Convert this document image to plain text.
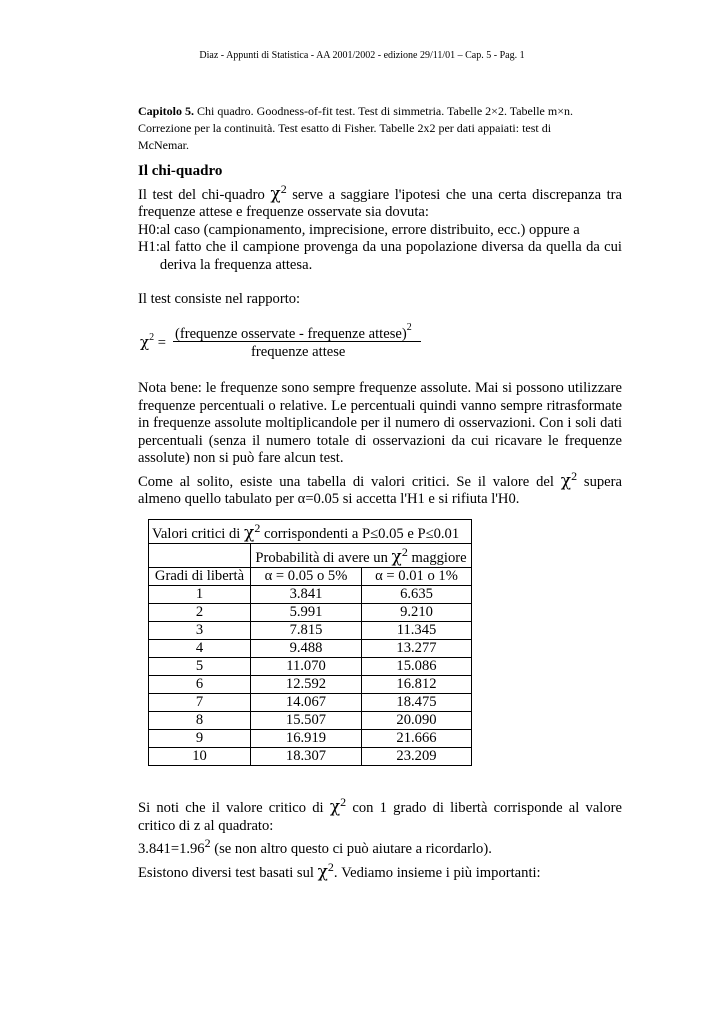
Diaz - Appunti di Statistica - AA 2001/2002 - edizione 29/11/01 – Cap. 5 - Pag. 1
Capitolo 5. Chi quadro. Goodness-of-fit test. Test di simmetria. Tabelle 2×2. Tabelle m×n. Correzione per la continuità. Test esatto di Fisher. Tabelle 2x2 per dati appaiati: test di McNemar.
Il chi-quadro
Il test del chi-quadro $\chi^2$ serve a saggiare l'ipotesi che una certa discrepanza tra frequenze attese e frequenze osservate sia dovuta:
H0: al caso (campionamento, imprecisione, errore distribuito, ecc.) oppure a
H1: al fatto che il campione provenga da una popolazione diversa da quella da cui deriva la frequenza attesa.
Il test consiste nel rapporto:
$\chi^2$ =
(frequenze osservate - frequenze attese)$^2$
frequenze attese
Nota bene: le frequenze sono sempre frequenze assolute. Mai si possono utilizzare frequenze percentuali o relative. Le percentuali quindi vanno sempre ritrasformate in frequenze assolute moltiplicandole per il numero di osservazioni. Con i soli dati percentuali (senza il numero totale di osservazioni da cui ricavare le frequenze assolute) non si può fare alcun test.
Come al solito, esiste una tabella di valori critici. Se il valore del $\chi^2$ supera almeno quello tabulato per α=0.05 si accetta l'H1 e si rifiuta l'H0.
Valori critici di $\chi^2$ corrispondenti a P≤0.05 e P≤0.01		
	Probabilità di avere un $\chi^2$ maggiore	
Gradi di libertà	α = 0.05 o 5%	α = 0.01 o 1%
1	3.841	6.635
2	5.991	9.210
3	7.815	11.345
4	9.488	13.277
5	11.070	15.086
6	12.592	16.812
7	14.067	18.475
8	15.507	20.090
9	16.919	21.666
10	18.307	23.209
Si noti che il valore critico di $\chi^2$ con 1 grado di libertà corrisponde al valore critico di z al quadrato:
$3.841=1.96^2$ (se non altro questo ci può aiutare a ricordarlo).
Esistono diversi test basati sul $\chi^2$. Vediamo insieme i più importanti:
